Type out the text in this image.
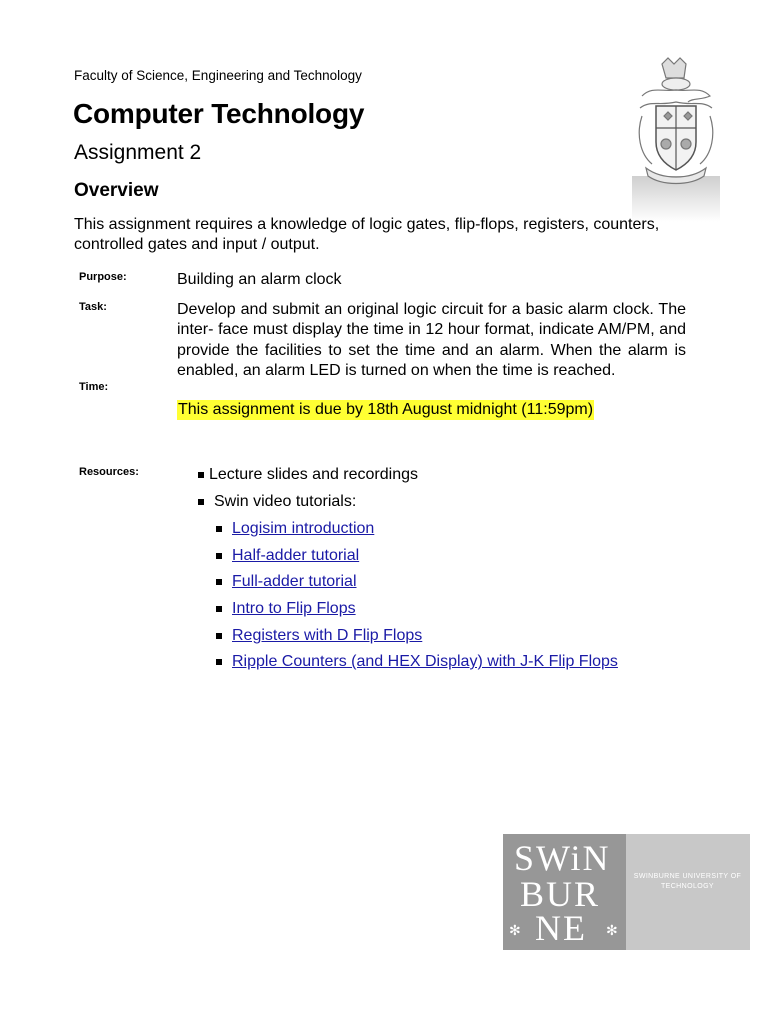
Faculty of Science, Engineering and Technology
Computer Technology
Assignment 2
Overview
This assignment requires a knowledge of logic gates, flip-flops, registers, counters, controlled gates and input / output.
Purpose:	Building an alarm clock
Task:	Develop and submit an original logic circuit for a basic alarm clock. The inter- face must display the time in 12 hour format, indicate AM/PM, and provide the facilities to set the time and an alarm. When the alarm is enabled, an alarm LED is turned on when the time is reached.
Time:
This assignment is due by 18th August midnight (11:59pm)
Resources:	Lecture slides and recordings
Swin video tutorials:
Logisim introduction
Half-adder tutorial
Full-adder tutorial
Intro to Flip Flops
Registers with D Flip Flops
Ripple Counters (and HEX Display) with J-K Flip Flops
SWiN
BUR
NE
✻	✻
SWINBURNE UNIVERSITY OF TECHNOLOGY
